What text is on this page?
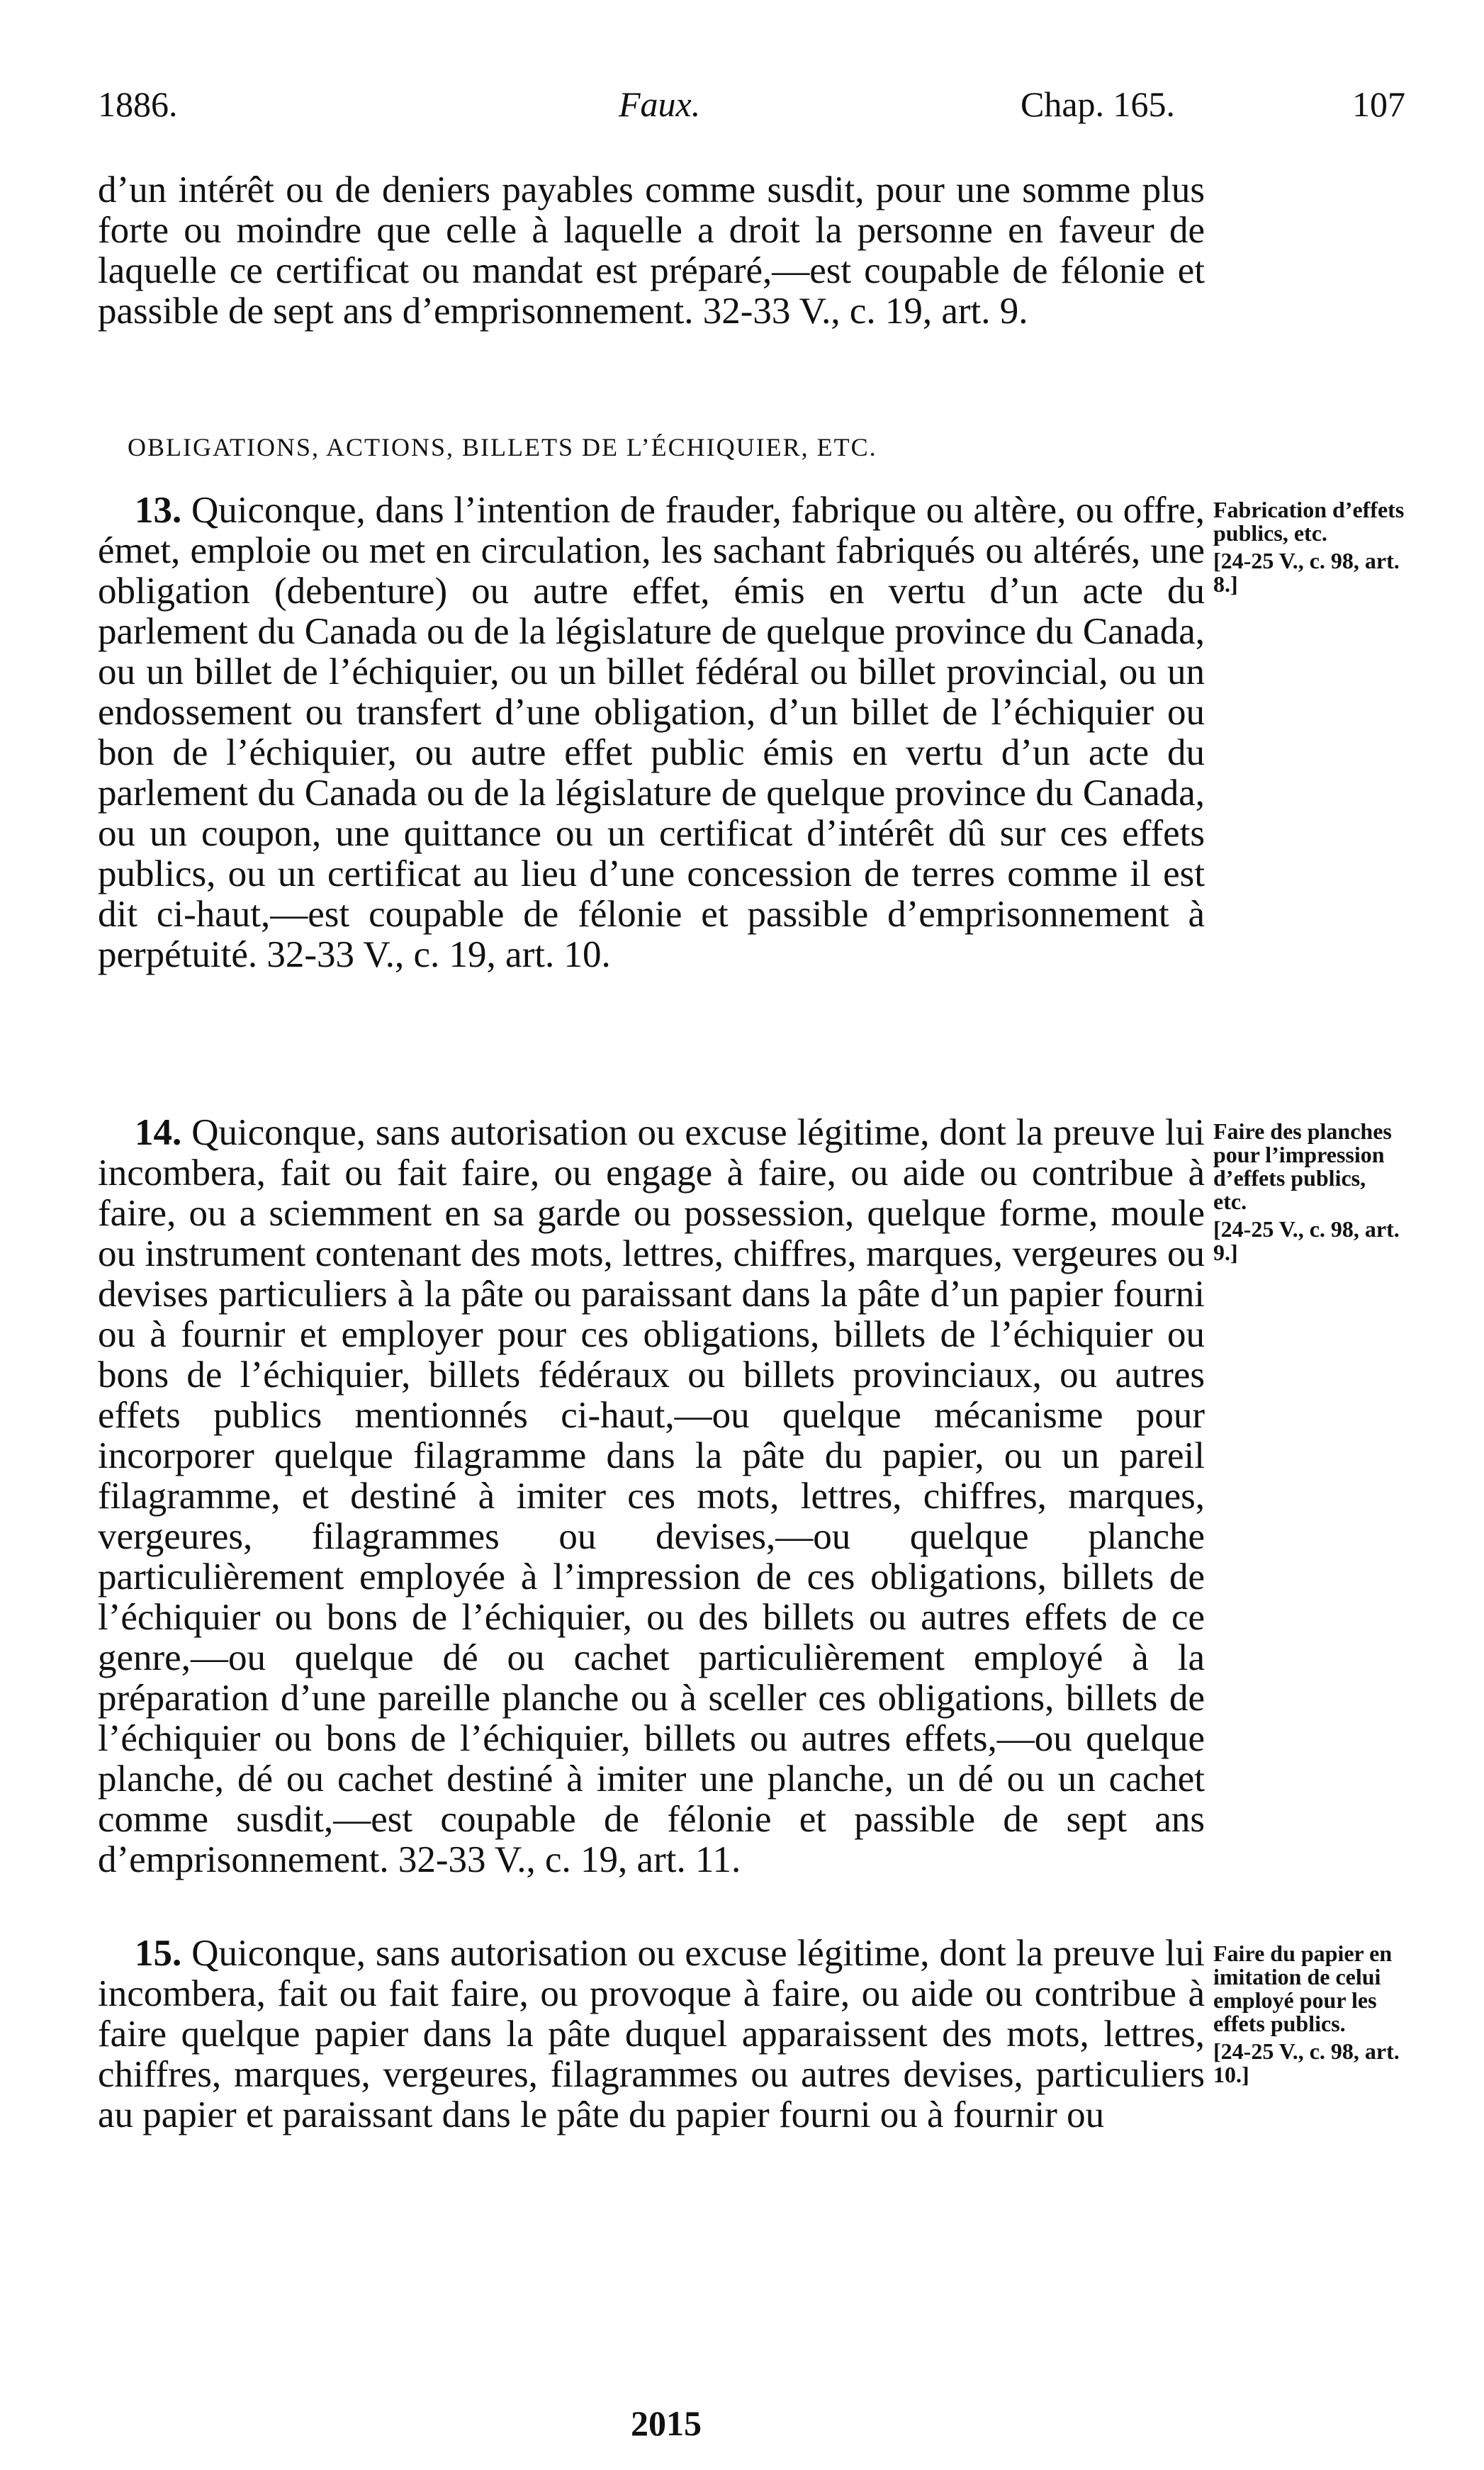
1886.	Faux.	Chap. 165.	107
d’un intérêt ou de deniers payables comme susdit, pour une somme plus forte ou moindre que celle à laquelle a droit la personne en faveur de laquelle ce certificat ou mandat est préparé,—est coupable de félonie et passible de sept ans d’emprisonnement. 32-33 V., c. 19, art. 9.
OBLIGATIONS, ACTIONS, BILLETS DE L’ÉCHIQUIER, ETC.
13. Quiconque, dans l’intention de frauder, fabrique ou altère, ou offre, émet, emploie ou met en circulation, les sachant fabriqués ou altérés, une obligation (debenture) ou autre effet, émis en vertu d’un acte du parlement du Canada ou de la législature de quelque province du Canada, ou un billet de l’échiquier, ou un billet fédéral ou billet provincial, ou un endossement ou transfert d’une obligation, d’un billet de l’échiquier ou bon de l’échiquier, ou autre effet public émis en vertu d’un acte du parlement du Canada ou de la législature de quelque province du Canada, ou un coupon, une quittance ou un certificat d’intérêt dû sur ces effets publics, ou un certificat au lieu d’une concession de terres comme il est dit ci-haut,—est coupable de félonie et passible d’emprisonnement à perpétuité. 32-33 V., c. 19, art. 10.
Fabrication d’effets publics, etc.
[24-25 V., c. 98, art. 8.]
14. Quiconque, sans autorisation ou excuse légitime, dont la preuve lui incombera, fait ou fait faire, ou engage à faire, ou aide ou contribue à faire, ou a sciemment en sa garde ou possession, quelque forme, moule ou instrument contenant des mots, lettres, chiffres, marques, vergeures ou devises particuliers à la pâte ou paraissant dans la pâte d’un papier fourni ou à fournir et employer pour ces obligations, billets de l’échiquier ou bons de l’échiquier, billets fédéraux ou billets provinciaux, ou autres effets publics mentionnés ci-haut,—ou quelque mécanisme pour incorporer quelque filagramme dans la pâte du papier, ou un pareil filagramme, et destiné à imiter ces mots, lettres, chiffres, marques, vergeures, filagrammes ou devises,—ou quelque planche particulièrement employée à l’impression de ces obligations, billets de l’échiquier ou bons de l’échiquier, ou des billets ou autres effets de ce genre,—ou quelque dé ou cachet particulièrement employé à la préparation d’une pareille planche ou à sceller ces obligations, billets de l’échiquier ou bons de l’échiquier, billets ou autres effets,—ou quelque planche, dé ou cachet destiné à imiter une planche, un dé ou un cachet comme susdit,—est coupable de félonie et passible de sept ans d’emprisonnement. 32-33 V., c. 19, art. 11.
Faire des planches pour l’impression d’effets publics, etc.
[24-25 V., c. 98, art. 9.]
15. Quiconque, sans autorisation ou excuse légitime, dont la preuve lui incombera, fait ou fait faire, ou provoque à faire, ou aide ou contribue à faire quelque papier dans la pâte duquel apparaissent des mots, lettres, chiffres, marques, vergeures, filagrammes ou autres devises, particuliers au papier et paraissant dans le pâte du papier fourni ou à fournir ou
Faire du papier en imitation de celui employé pour les effets publics.
[24-25 V., c. 98, art. 10.]
2015
